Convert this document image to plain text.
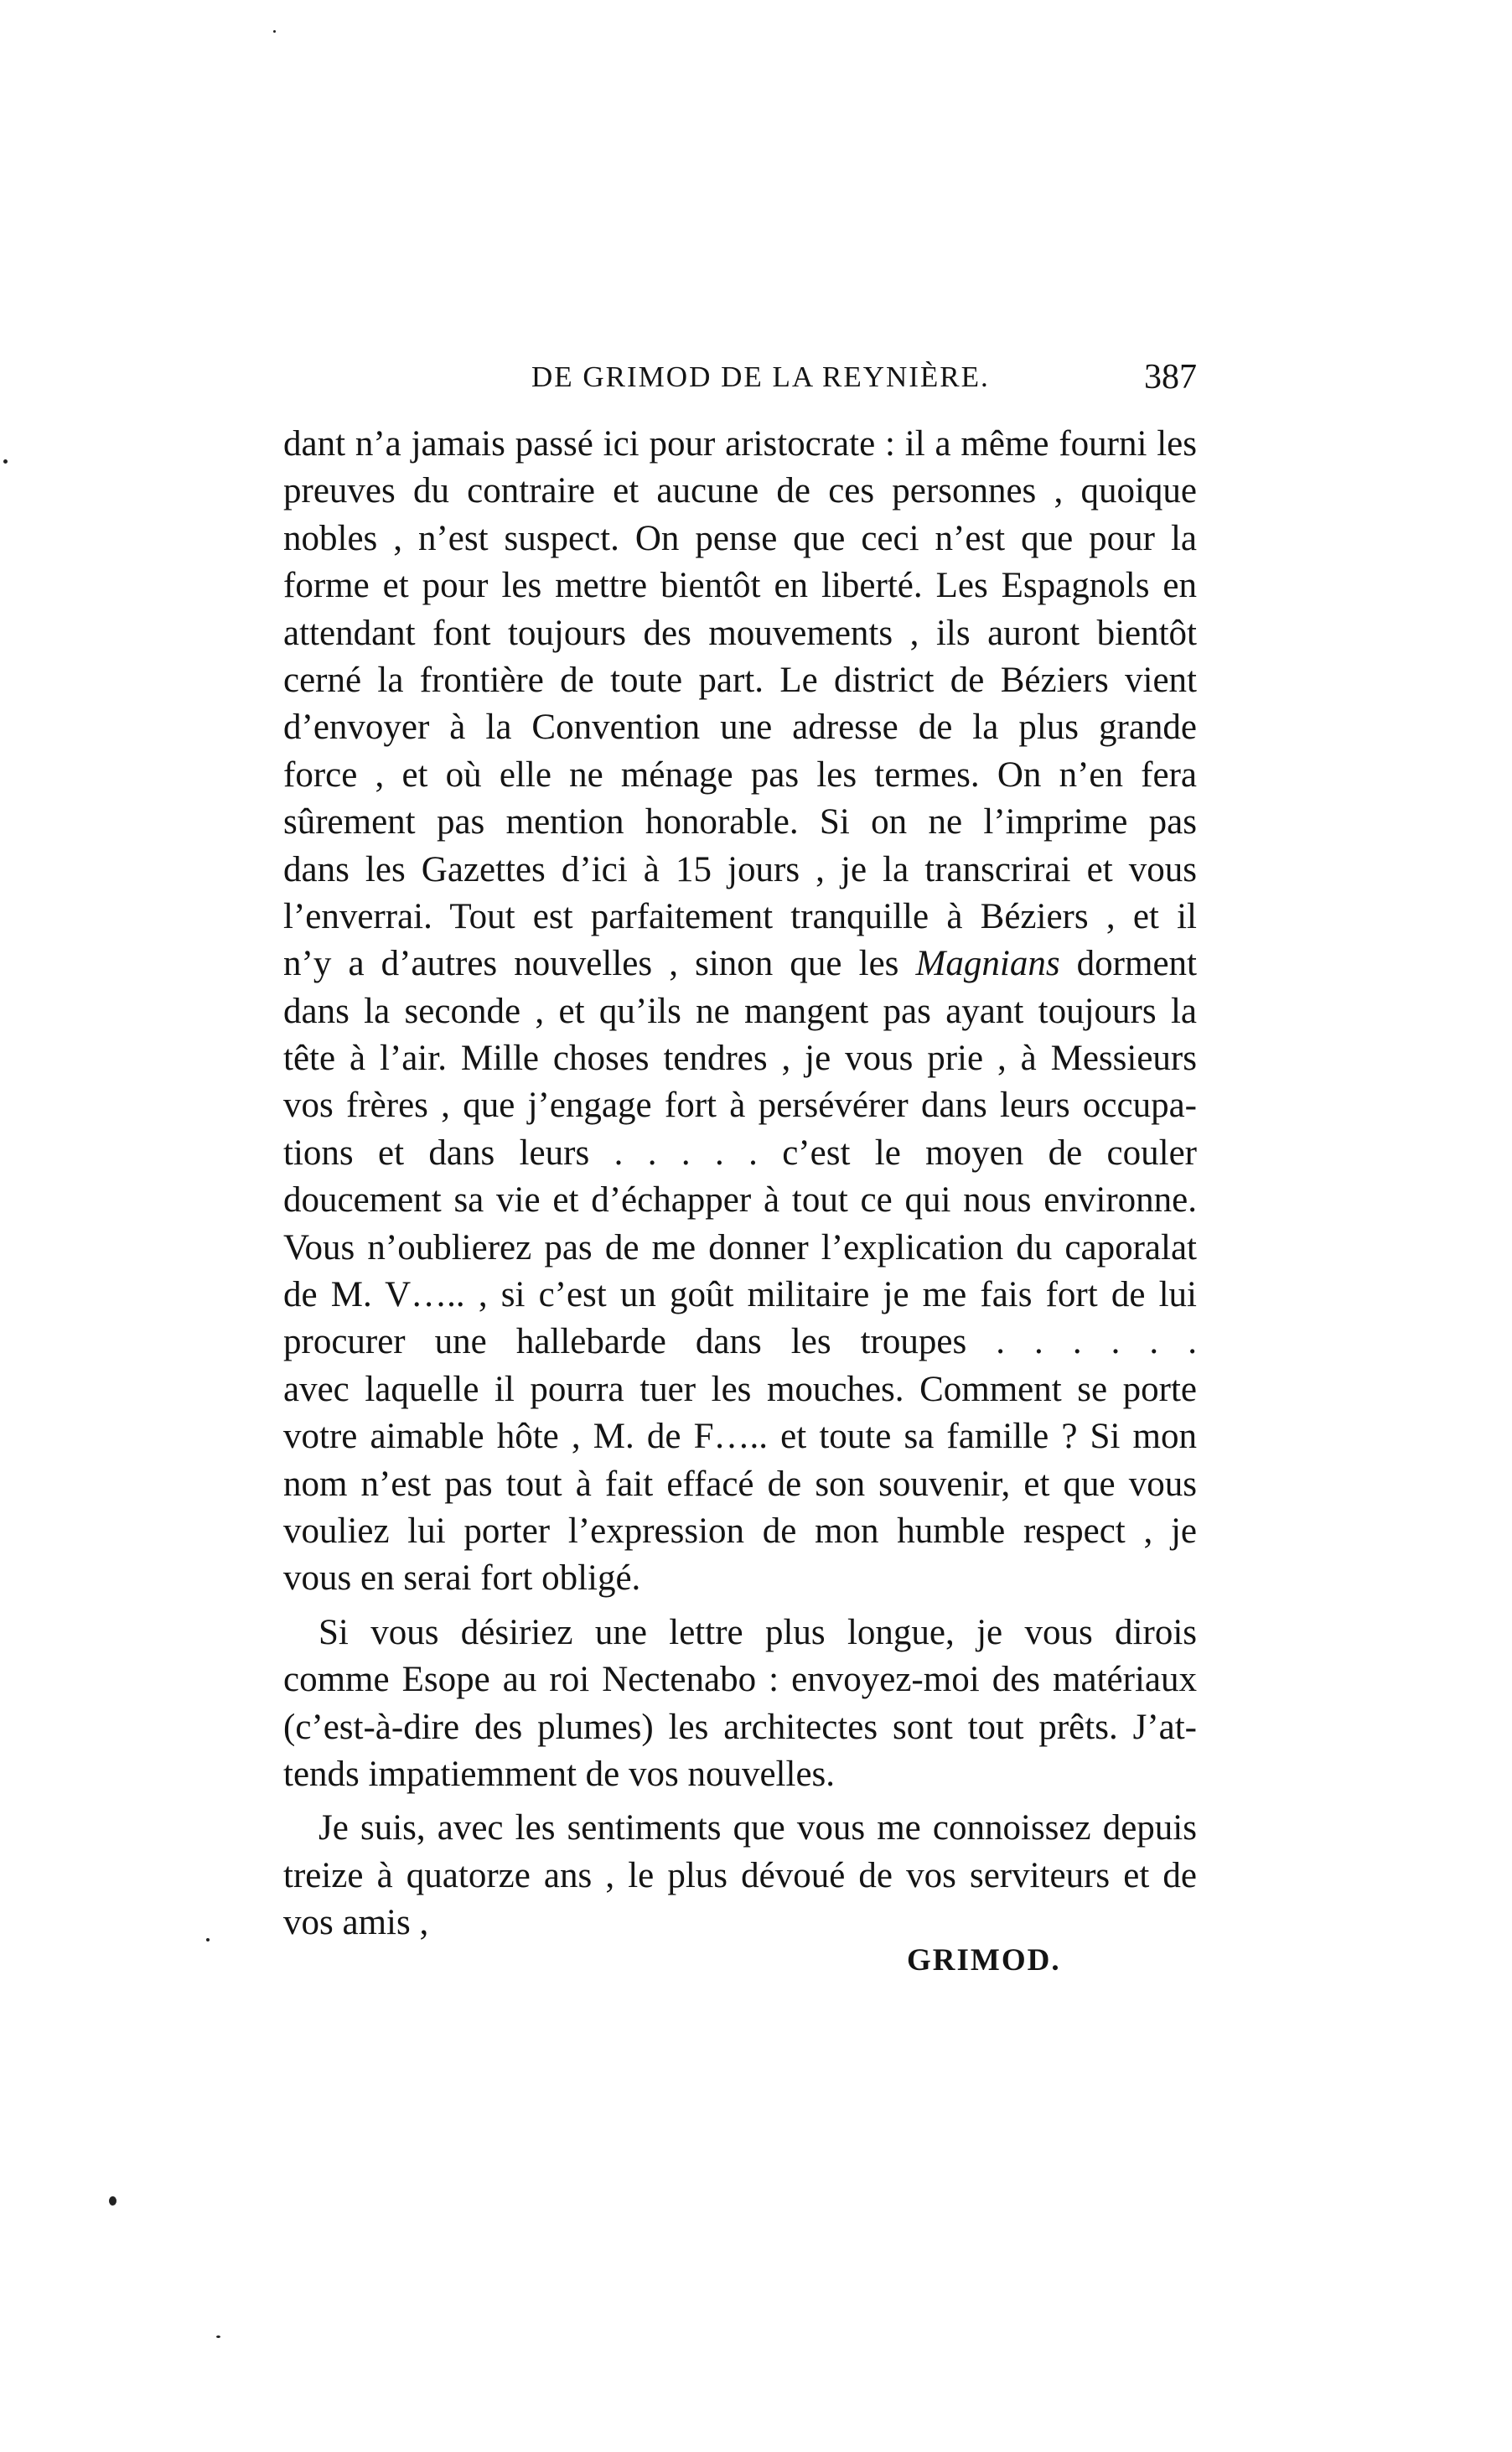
DE GRIMOD DE LA REYNIÈRE.	387
dant n’a jamais passé ici pour aristocrate : il a même fourni les
preuves du contraire et aucune de ces personnes , quoique
nobles , n’est suspect. On pense que ceci n’est que pour la
forme et pour les mettre bientôt en liberté. Les Espagnols en
attendant font toujours des mouvements , ils auront bientôt
cerné la frontière de toute part. Le district de Béziers vient
d’envoyer à la Convention une adresse de la plus grande
force , et où elle ne ménage pas les termes. On n’en fera
sûrement pas mention honorable. Si on ne l’imprime pas
dans les Gazettes d’ici à 15 jours , je la transcrirai et vous
l’enverrai. Tout est parfaitement tranquille à Béziers , et il
n’y a d’autres nouvelles , sinon que les Magnians dorment
dans la seconde , et qu’ils ne mangent pas ayant toujours la
tête à l’air. Mille choses tendres , je vous prie , à Messieurs
vos frères , que j’engage fort à persévérer dans leurs occupa-
tions et dans leurs . . . . . c’est le moyen de couler
doucement sa vie et d’échapper à tout ce qui nous environne.
Vous n’oublierez pas de me donner l’explication du caporalat
de M. V….. , si c’est un goût militaire je me fais fort de lui
procurer une hallebarde dans les troupes . . . . . .
avec laquelle il pourra tuer les mouches. Comment se porte
votre aimable hôte , M. de F….. et toute sa famille ? Si mon
nom n’est pas tout à fait effacé de son souvenir, et que vous
vouliez lui porter l’expression de mon humble respect , je
vous en serai fort obligé.
Si vous désiriez une lettre plus longue, je vous dirois
comme Esope au roi Nectenabo : envoyez-moi des matériaux
(c’est-à-dire des plumes) les architectes sont tout prêts. J’at-
tends impatiemment de vos nouvelles.
Je suis, avec les sentiments que vous me connoissez depuis
treize à quatorze ans , le plus dévoué de vos serviteurs et de
vos amis ,
GRIMOD.
